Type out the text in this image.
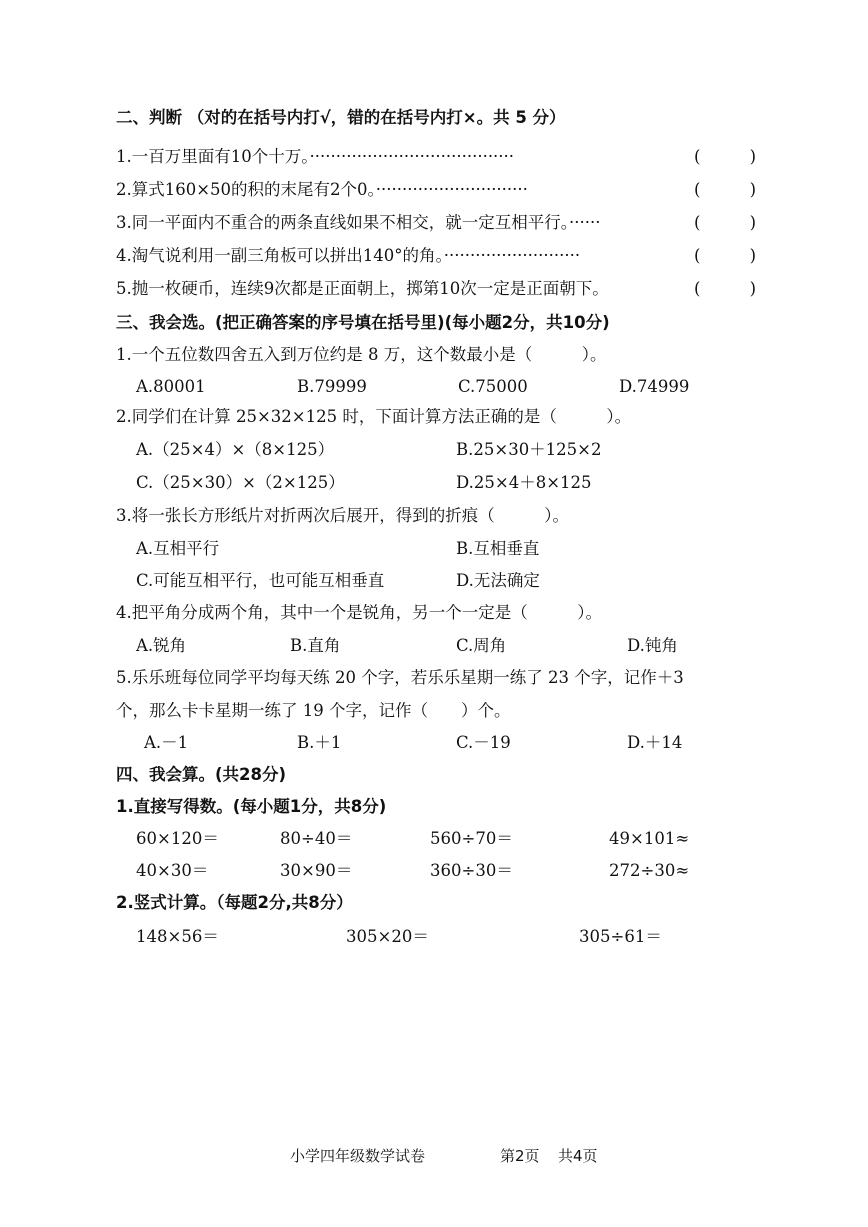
二、判断 （对的在括号内打√，错的在括号内打×。共 5 分）
1.一百万里面有10个十万。·······································	(	)
2.算式160×50的积的末尾有2个0。·····························	(	)
3.同一平面内不重合的两条直线如果不相交，就一定互相平行。······	(	)
4.淘气说利用一副三角板可以拼出140°的角。··························	(	)
5.抛一枚硬币，连续9次都是正面朝上，掷第10次一定是正面朝下。	(	)
三、我会选。(把正确答案的序号填在括号里)(每小题2分，共10分)
1.一个五位数四舍五入到万位约是 8 万，这个数最小是（　　　）。
A.80001	B.79999	C.75000	D.74999
2.同学们在计算 25×32×125 时，下面计算方法正确的是（　　　）。
A.（25×4）×（8×125）	B.25×30＋125×2
C.（25×30）×（2×125）	D.25×4＋8×125
3.将一张长方形纸片对折两次后展开，得到的折痕（　　　）。
A.互相平行	B.互相垂直
C.可能互相平行，也可能互相垂直	D.无法确定
4.把平角分成两个角，其中一个是锐角，另一个一定是（　　　）。
A.锐角	B.直角	C.周角	D.钝角
5.乐乐班每位同学平均每天练 20 个字，若乐乐星期一练了 23 个字，记作＋3
个，那么卡卡星期一练了 19 个字，记作（　　）个。
A.－1	B.＋1	C.－19	D.＋14
四、我会算。(共28分)
1.直接写得数。(每小题1分，共8分)
60×120＝	80÷40＝	560÷70＝	49×101≈
40×30＝	30×90＝	360÷30＝	272÷30≈
2.竖式计算。（每题2分,共8分）
148×56＝	305×20＝	305÷61＝
小学四年级数学试卷	第2页 共4页
